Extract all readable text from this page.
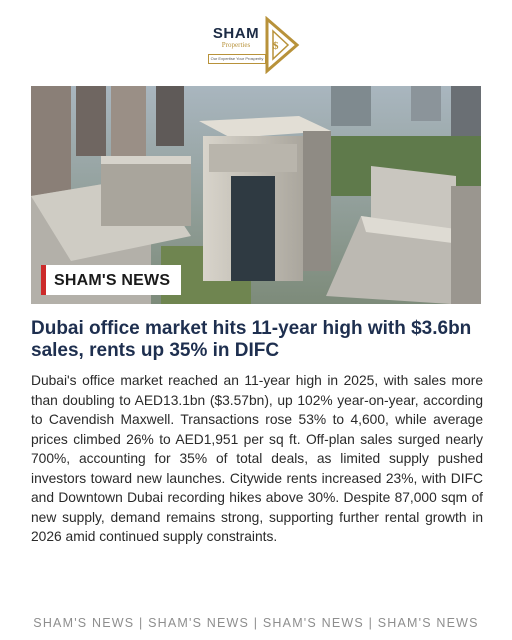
SHAM
Properties
Our Expertise Your Prosperity
$
SHAM'S NEWS
Dubai office market hits 11-year high with $3.6bn sales, rents up 35% in DIFC

Dubai's office market reached an 11-year high in 2025, with sales more than doubling to AED13.1bn ($3.57bn), up 102% year-on-year, according to Cavendish Maxwell. Transactions rose 53% to 4,600, while average prices climbed 26% to AED1,951 per sq ft. Off-plan sales surged nearly 700%, accounting for 35% of total deals, as limited supply pushed investors toward new launches. Citywide rents increased 23%, with DIFC and Downtown Dubai recording hikes above 30%. Despite 87,000 sqm of new supply, demand remains strong, supporting further rental growth in 2026 amid continued supply constraints.

SHAM'S NEWS | SHAM'S NEWS | SHAM'S NEWS | SHAM'S NEWS
